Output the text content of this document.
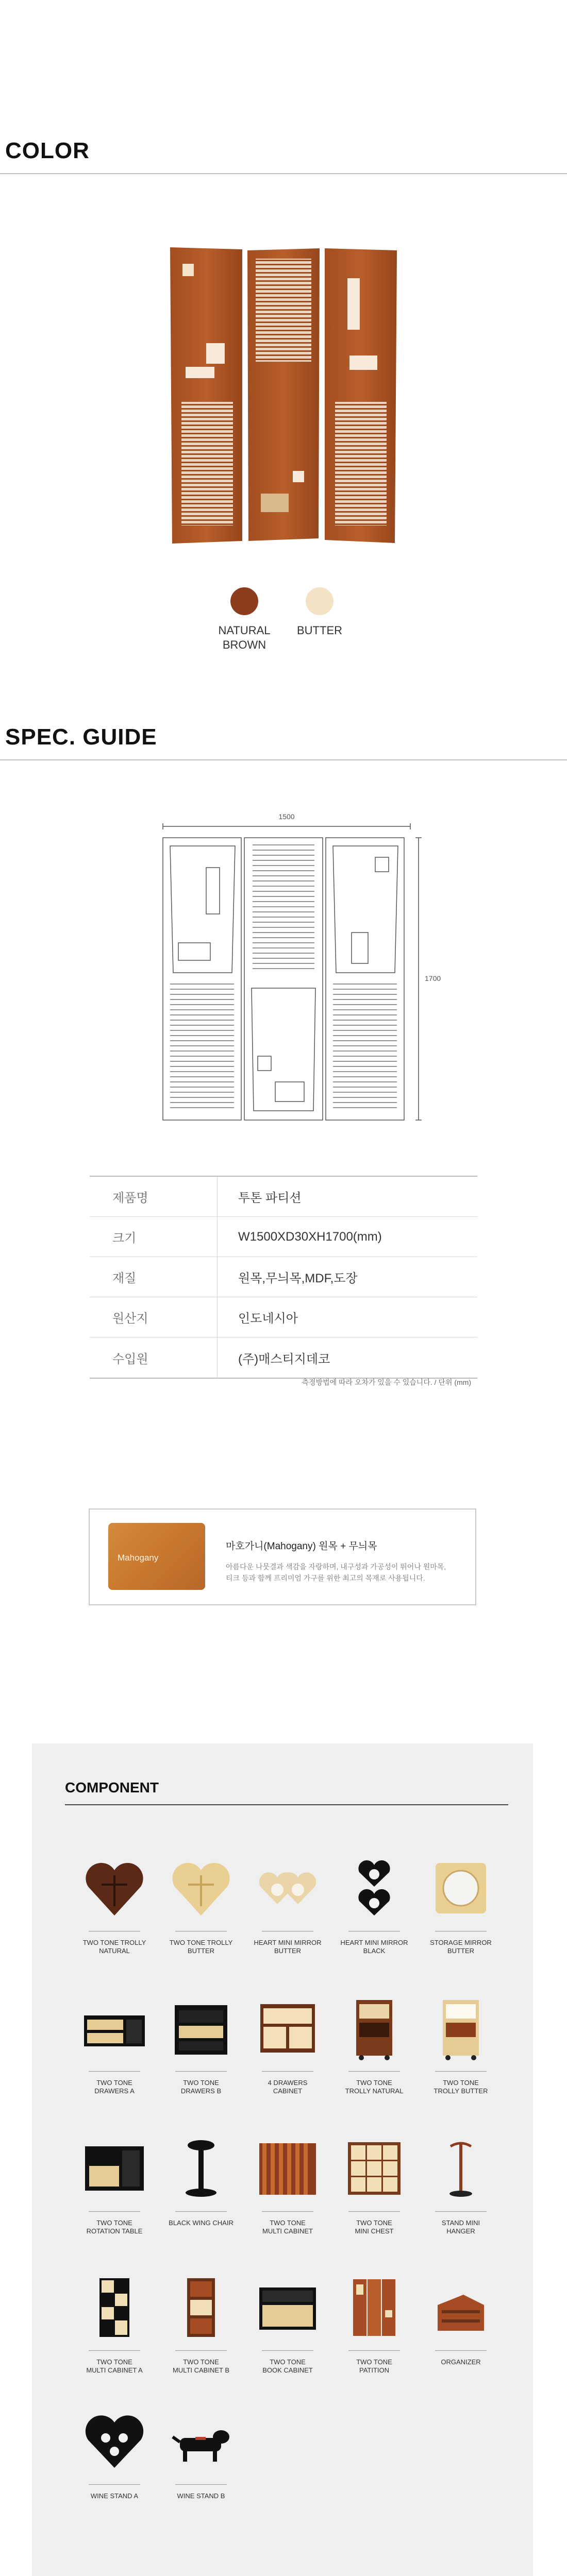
COLOR
NATURAL
BROWN
BUTTER
SPEC. GUIDE
1500
1700
제품명	투톤 파티션
크기	W1500XD30XH1700(mm)
재질	원목,무늬목,MDF,도장
원산지	인도네시아
수입원	(주)매스티지데코
측정방법에 따라 오차가 있을 수 있습니다. / 단위 (mm)
Mahogany
마호가니(Mahogany) 원목 + 무늬목
아름다운 나뭇결과 색감을 자랑하며, 내구성과 가공성이 뛰어나 원마목, 티크 등과 함께 프리미엄 가구를 위한 최고의 목재로 사용됩니다.
COMPONENT
TWO TONE TROLLY
NATURAL
TWO TONE TROLLY
BUTTER
HEART MINI MIRROR
BUTTER
HEART MINI MIRROR
BLACK
STORAGE MIRROR
BUTTER
TWO TONE
DRAWERS A
TWO TONE
DRAWERS B
4 DRAWERS
CABINET
TWO TONE
TROLLY NATURAL
TWO TONE
TROLLY BUTTER
TWO TONE
ROTATION TABLE
BLACK WING CHAIR	TWO TONE
MULTI CABINET
TWO TONE
MINI CHEST
STAND MINI
HANGER
TWO TONE
MULTI CABINET A
TWO TONE
MULTI CABINET B
TWO TONE
BOOK CABINET
TWO TONE
PATITION
ORGANIZER
WINE STAND A	WINE STAND B
